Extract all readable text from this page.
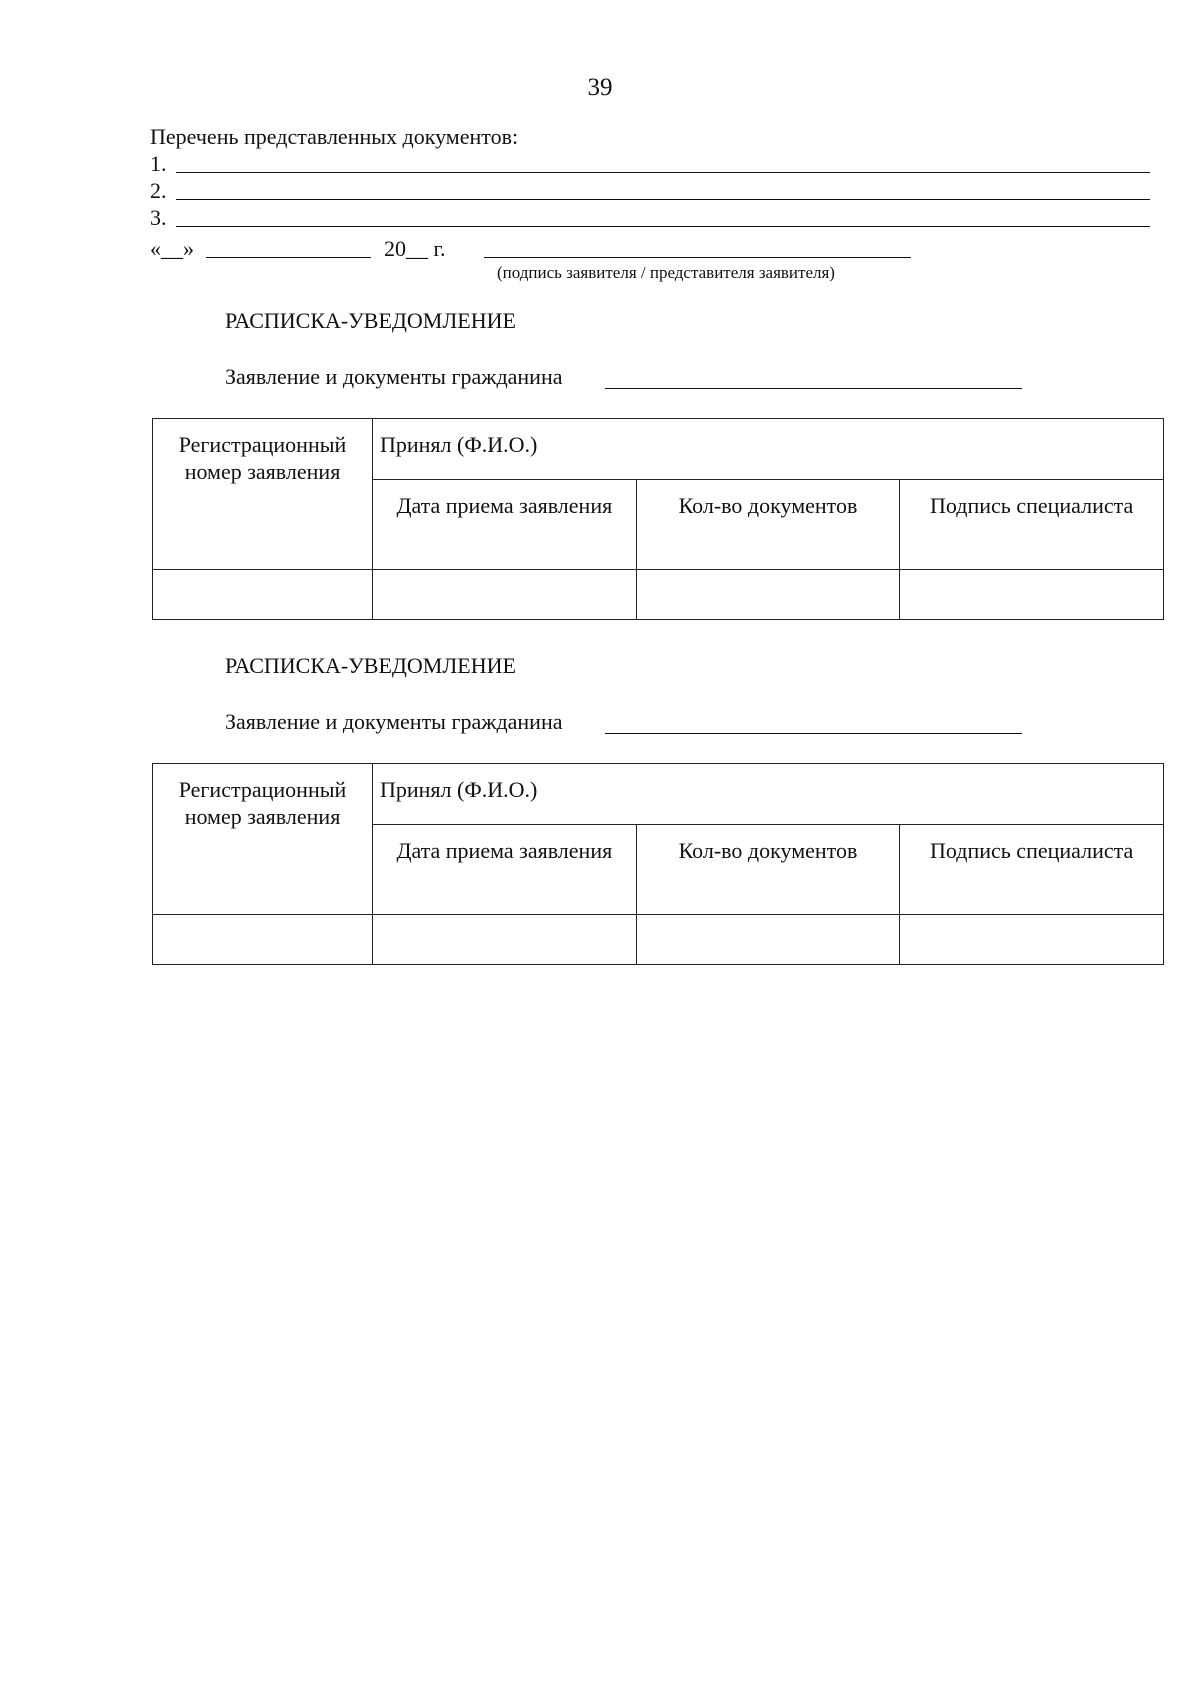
39
Перечень представленных документов:
1.
2.
3.
«__»	20__ г.
(подпись заявителя / представителя заявителя)
РАСПИСКА-УВЕДОМЛЕНИЕ
Заявление и документы гражданина
Регистрационный номер заявления	Принял (Ф.И.О.)		
	Дата приема заявления	Кол-во документов	Подпись специалиста

РАСПИСКА-УВЕДОМЛЕНИЕ
Заявление и документы гражданина
Регистрационный номер заявления	Принял (Ф.И.О.)		
	Дата приема заявления	Кол-во документов	Подпись специалиста
